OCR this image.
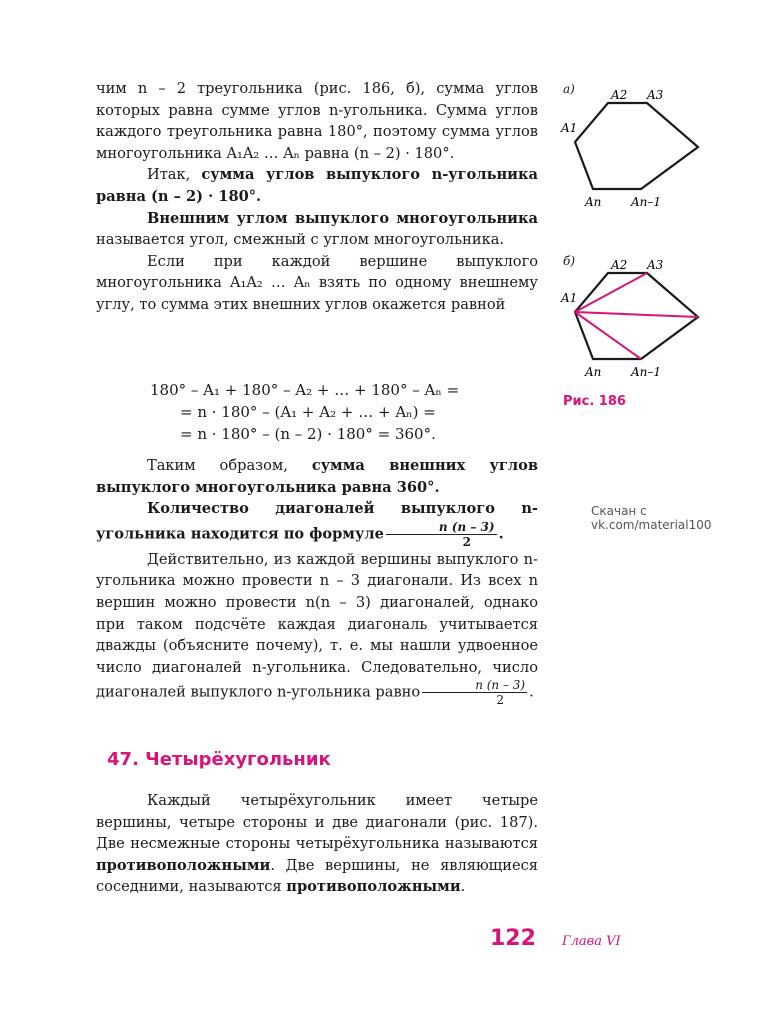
чим n – 2 треугольника (рис. 186, б), сумма углов которых равна сумме углов n-угольника. Сумма углов каждого треугольника равна 180°, поэтому сумма углов многоугольника A₁A₂ … Aₙ равна (n – 2) · 180°.

Итак, сумма углов выпуклого n-угольника равна (n – 2) · 180°.

Внешним углом выпуклого многоугольника называется угол, смежный с углом многоугольника.

Если при каждой вершине выпуклого многоугольника A₁A₂ … Aₙ взять по одному внешнему углу, то сумма этих внешних углов окажется равной

180° – A₁ + 180° – A₂ + … + 180° – Aₙ =
= n · 180° – (A₁ + A₂ + … + Aₙ) =
= n · 180° – (n – 2) · 180° = 360°.

Таким образом, сумма внешних углов выпуклого многоугольника равна 360°.

Количество диагоналей выпуклого n-угольника находится по формуле $\frac{n (n - 3)}{2}$ .

Действительно, из каждой вершины выпуклого n-угольника можно провести n – 3 диагонали. Из всех n вершин можно провести n(n – 3) диагоналей, однако при таком подсчёте каждая диагональ учитывается дважды (объясните почему), т. е. мы нашли удвоенное число диагоналей n-угольника. Следовательно, число диагоналей выпуклого n-угольника равно $\frac{n (n - 3)}{2}$ .

47. Четырёхугольник

Каждый четырёхугольник имеет четыре вершины, четыре стороны и две диагонали (рис. 187). Две несмежные стороны четырёхугольника называются противоположными. Две вершины, не являющиеся соседними, называются противоположными.

а)
A1
A2 A3
An An–1
б)
A1
A2 A3
An An–1
Рис. 186
Скачан с vk.com/material100
122 Глава VI
